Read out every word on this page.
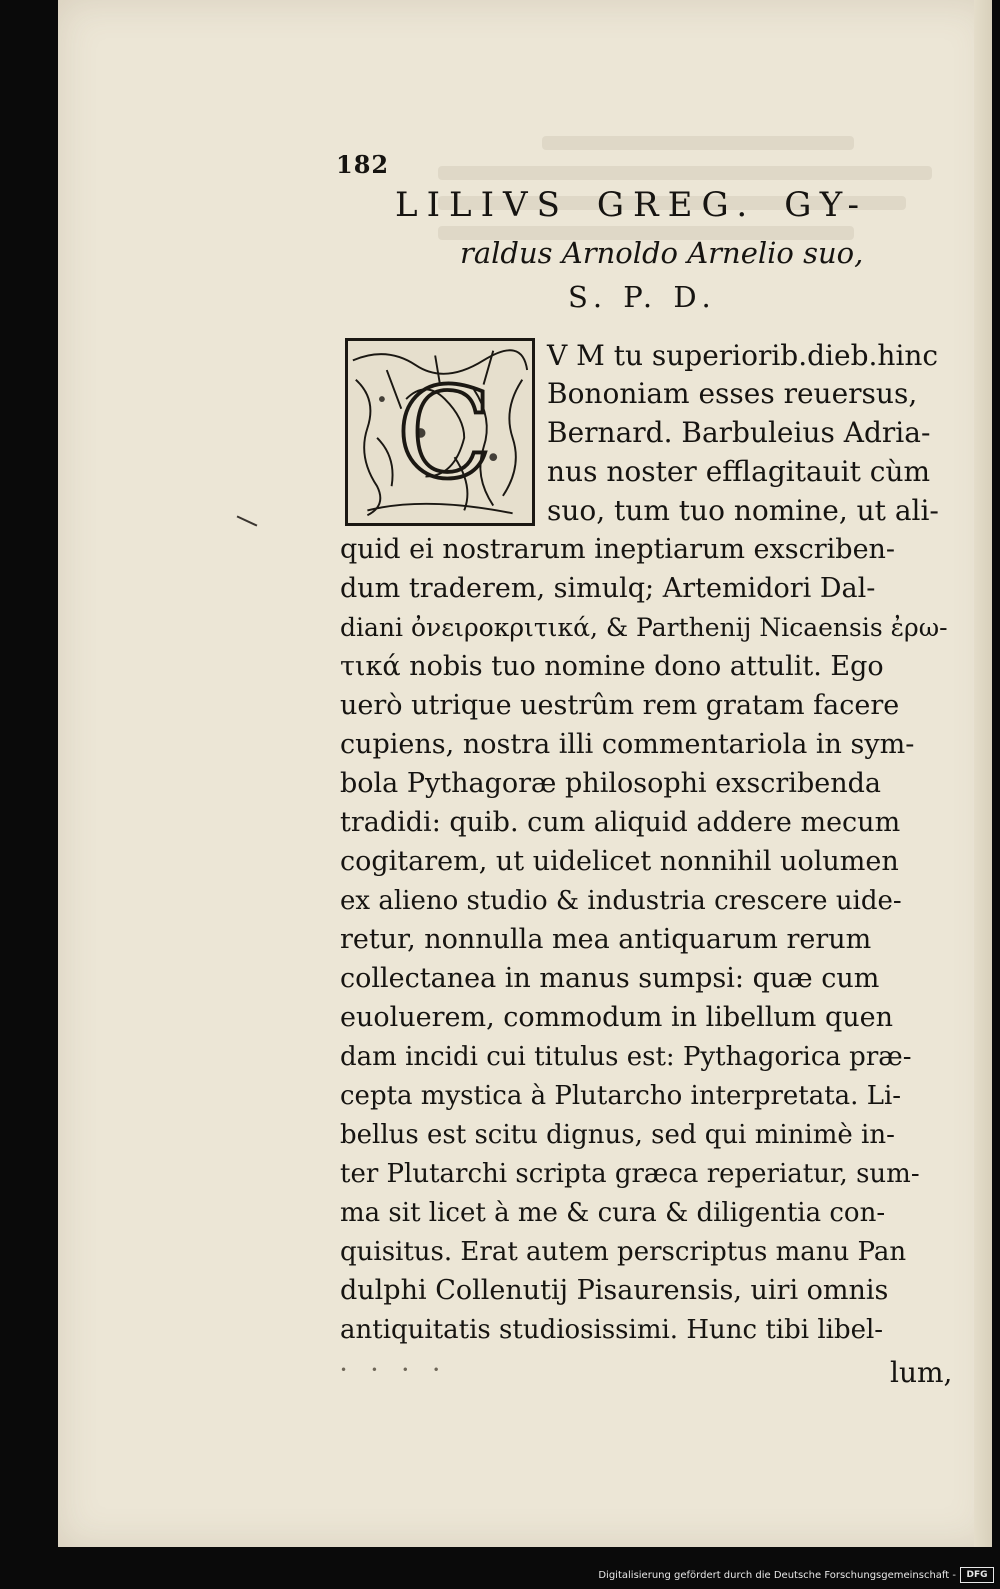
182
LILIVS GREG. GY-
raldus Arnoldo Arnelio suo,
S. P. D.
C
V M tu superiorib.dieb.hinc
Bononiam esses reuersus,
Bernard. Barbuleius Adria-
nus noster efflagitauit cùm
suo, tum tuo nomine, ut ali-
quid ei nostrarum ineptiarum exscriben-
dum traderem, simulq; Artemidori Dal-
diani ὀνειροκριτικά, & Parthenij Nicaensis ἐρω-
τικά nobis tuo nomine dono attulit. Ego
uerò utrique uestrûm rem gratam facere
cupiens, nostra illi commentariola in sym-
bola Pythagoræ philosophi exscribenda
tradidi: quib. cum aliquid addere mecum
cogitarem, ut uidelicet nonnihil uolumen
ex alieno studio & industria crescere uide-
retur, nonnulla mea antiquarum rerum
collectanea in manus sumpsi: quæ cum
euoluerem, commodum in libellum quen
dam incidi cui titulus est: Pythagorica præ-
cepta mystica à Plutarcho interpretata. Li-
bellus est scitu dignus, sed qui minimè in-
ter Plutarchi scripta græca reperiatur, sum-
ma sit licet à me & cura & diligentia con-
quisitus. Erat autem perscriptus manu Pan
dulphi Collenutij Pisaurensis, uiri omnis
antiquitatis studiosissimi. Hunc tibi libel-
lum,
• • • •
Digitalisierung gefördert durch die Deutsche Forschungsgemeinschaft -	DFG
